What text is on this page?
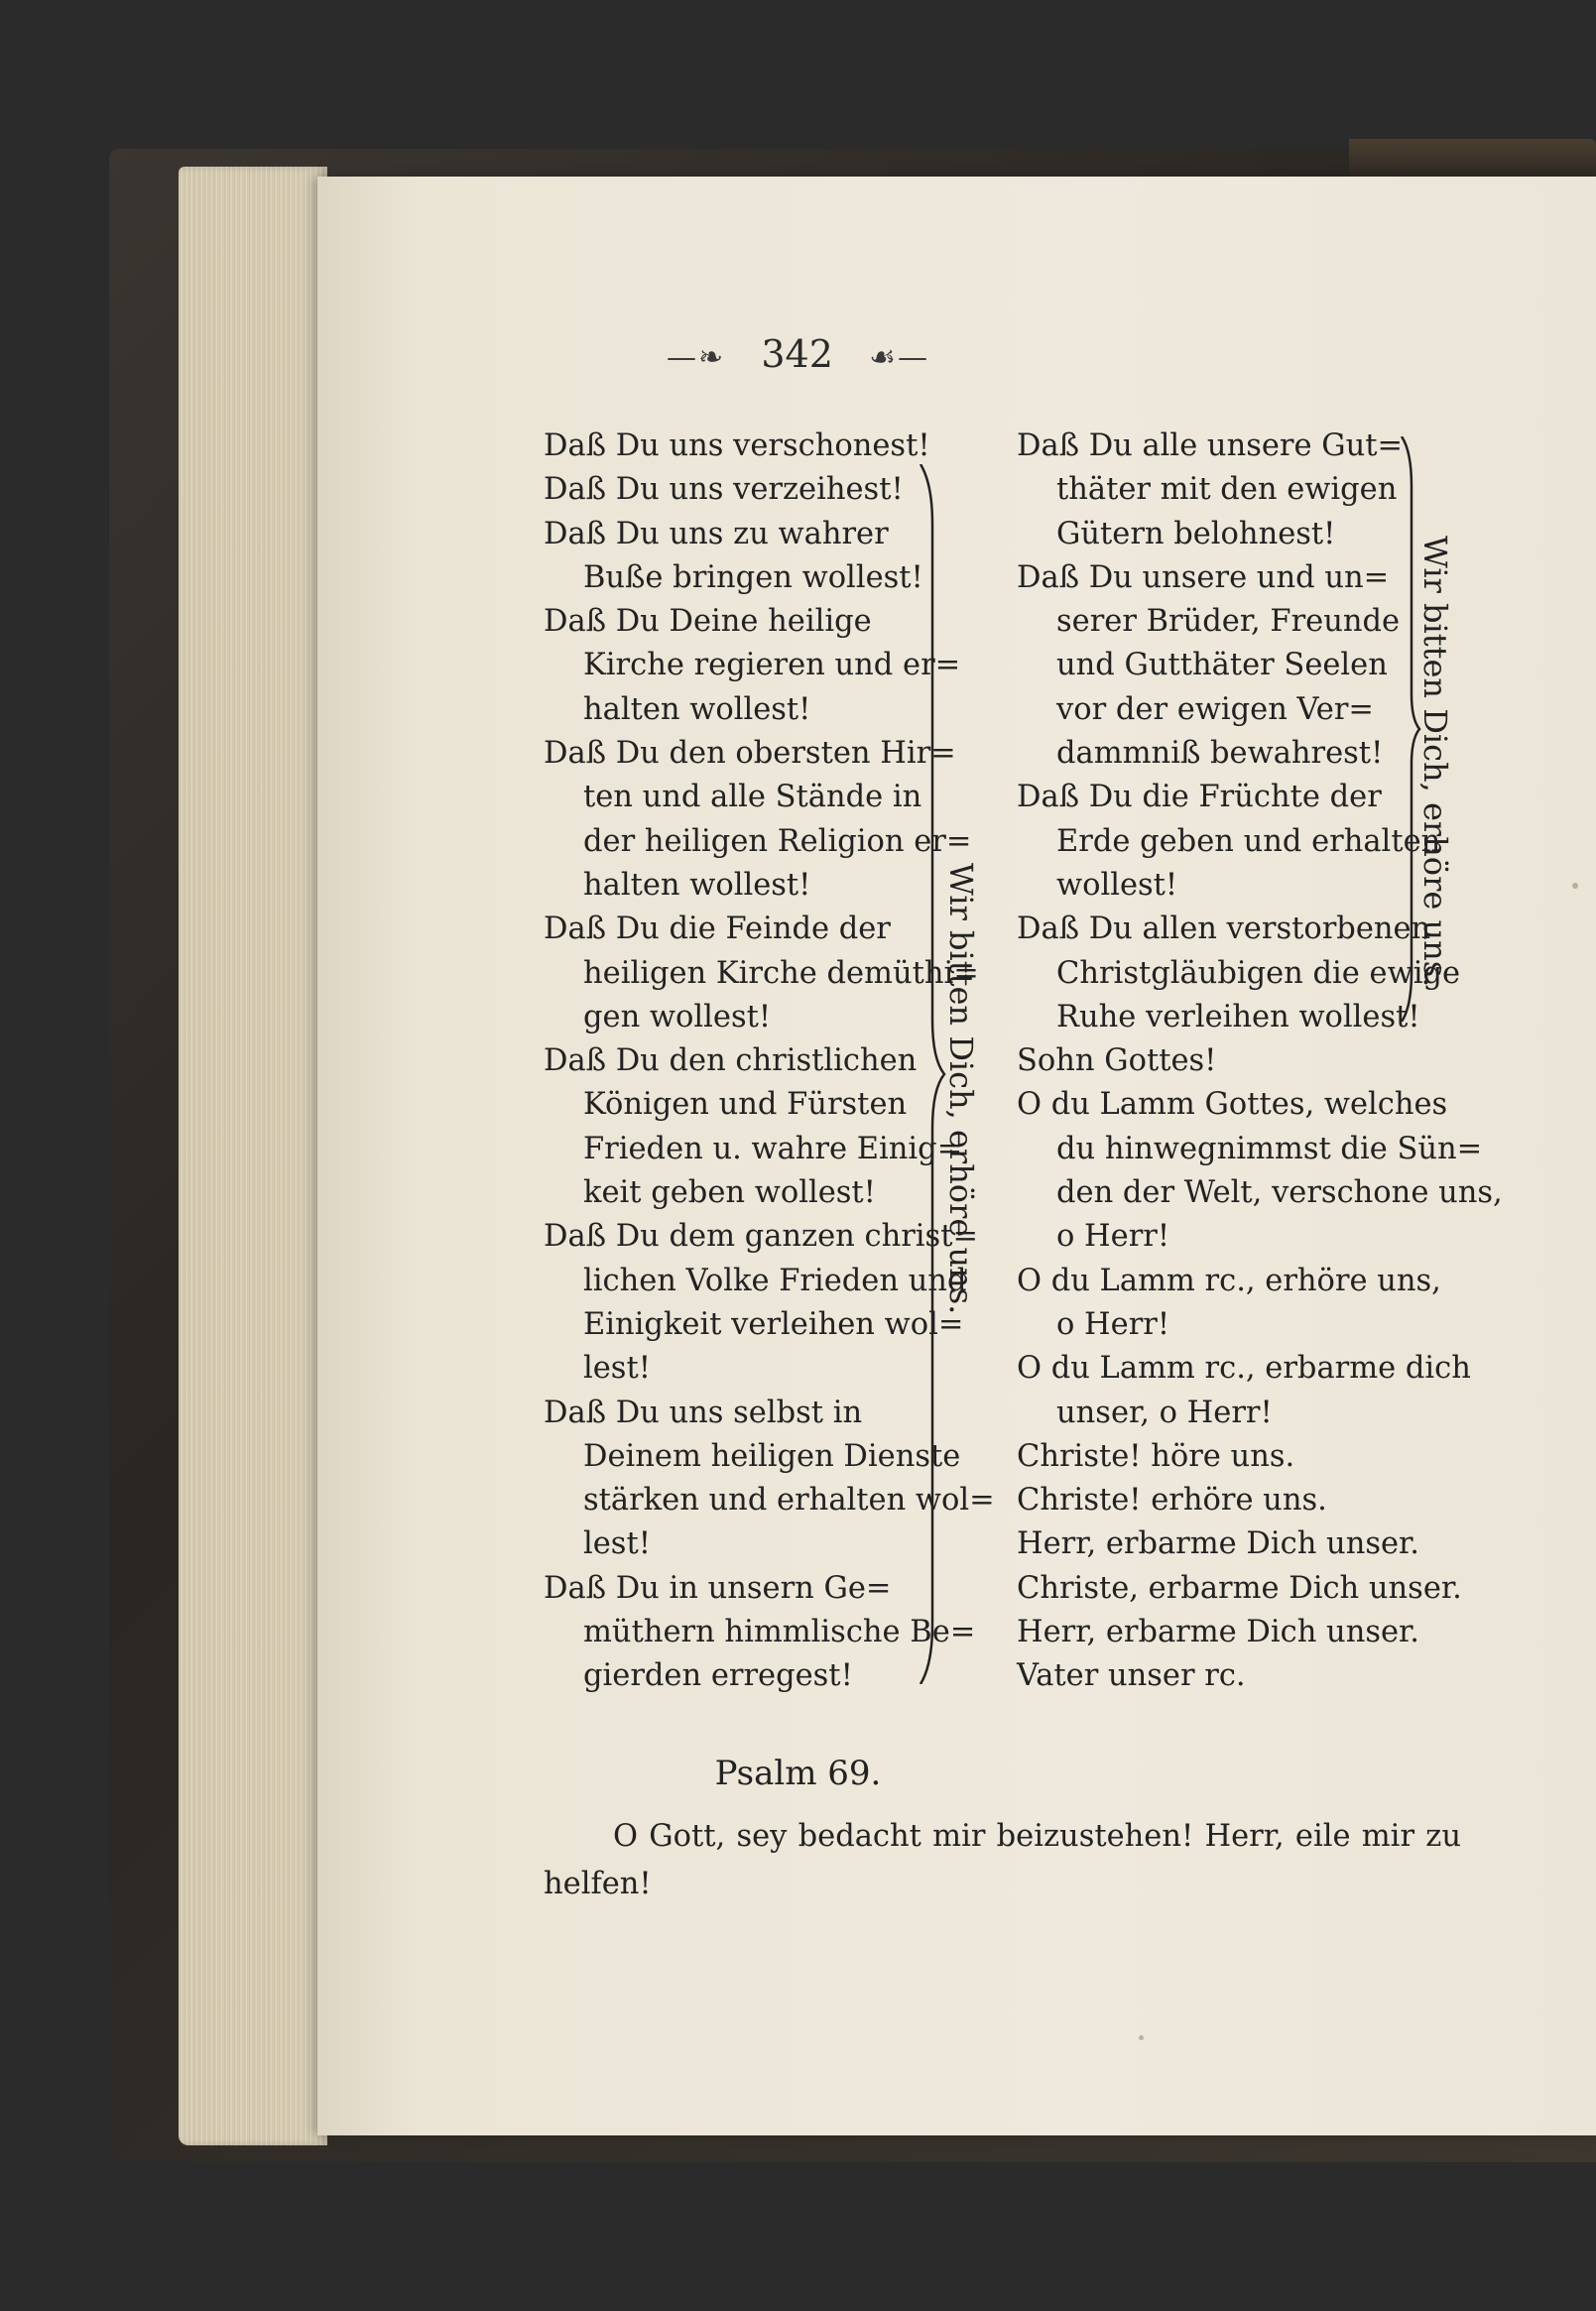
—❧ 342 ☙—
Daß Du uns verschonest!
Daß Du uns verzeihest!
Daß Du uns zu wahrer
Buße bringen wollest!
Daß Du Deine heilige
Kirche regieren und er=
halten wollest!
Daß Du den obersten Hir=
ten und alle Stände in
der heiligen Religion er=
halten wollest!
Daß Du die Feinde der
heiligen Kirche demüthi=
gen wollest!
Daß Du den christlichen
Königen und Fürsten
Frieden u. wahre Einig=
keit geben wollest!
Daß Du dem ganzen christ=
lichen Volke Frieden und
Einigkeit verleihen wol=
lest!
Daß Du uns selbst in
Deinem heiligen Dienste
stärken und erhalten wol=
lest!
Daß Du in unsern Ge=
müthern himmlische Be=
gierden erregest!
Daß Du alle unsere Gut=
thäter mit den ewigen
Gütern belohnest!
Daß Du unsere und un=
serer Brüder, Freunde
und Gutthäter Seelen
vor der ewigen Ver=
dammniß bewahrest!
Daß Du die Früchte der
Erde geben und erhalten
wollest!
Daß Du allen verstorbenen
Christgläubigen die ewige
Ruhe verleihen wollest!
Sohn Gottes!
O du Lamm Gottes, welches
du hinwegnimmst die Sün=
den der Welt, verschone uns,
o Herr!
O du Lamm rc., erhöre uns,
o Herr!
O du Lamm rc., erbarme dich
unser, o Herr!
Christe! höre uns.
Christe! erhöre uns.
Herr, erbarme Dich unser.
Christe, erbarme Dich unser.
Herr, erbarme Dich unser.
Vater unser rc.
Wir bitten Dich, erhöre uns.
Wir bitten Dich, erhöre uns.
Psalm 69.
O Gott, sey bedacht mir beizustehen! Herr, eile mir zu helfen!
